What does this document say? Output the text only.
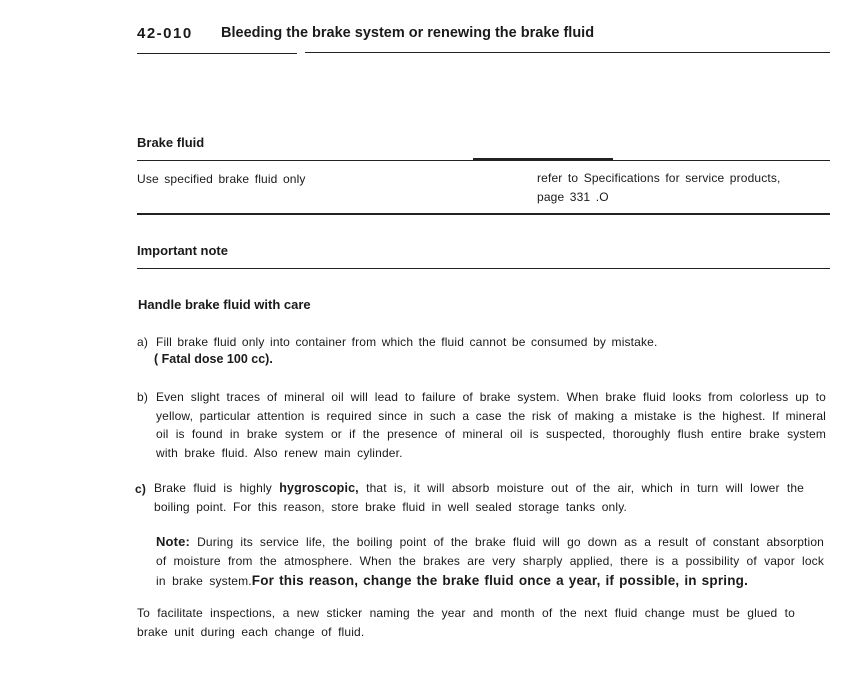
42-010 Bleeding the brake system or renewing the brake fluid
Brake fluid
Use specified brake fluid only	refer to Specifications for service products,
page 331 .O
Important note
Handle brake fluid with care
a) Fill brake fluid only into container from which the fluid cannot be consumed by mistake.
( Fatal dose 100 cc).
b) Even slight traces of mineral oil will lead to failure of brake system. When brake fluid looks from colorless up to yellow, particular attention is required since in such a case the risk of making a mistake is the highest. If mineral oil is found in brake system or if the presence of mineral oil is suspected, thoroughly flush entire brake system with brake fluid. Also renew main cylinder.
c) Brake fluid is highly hygroscopic, that is, it will absorb moisture out of the air, which in turn will lower the boiling point. For this reason, store brake fluid in well sealed storage tanks only.
Note: During its service life, the boiling point of the brake fluid will go down as a result of constant absorption of moisture from the atmosphere. When the brakes are very sharply applied, there is a possibility of vapor lock in brake system.For this reason, change the brake fluid once a year, if possible, in spring.
To facilitate inspections, a new sticker naming the year and month of the next fluid change must be glued to brake unit during each change of fluid.
